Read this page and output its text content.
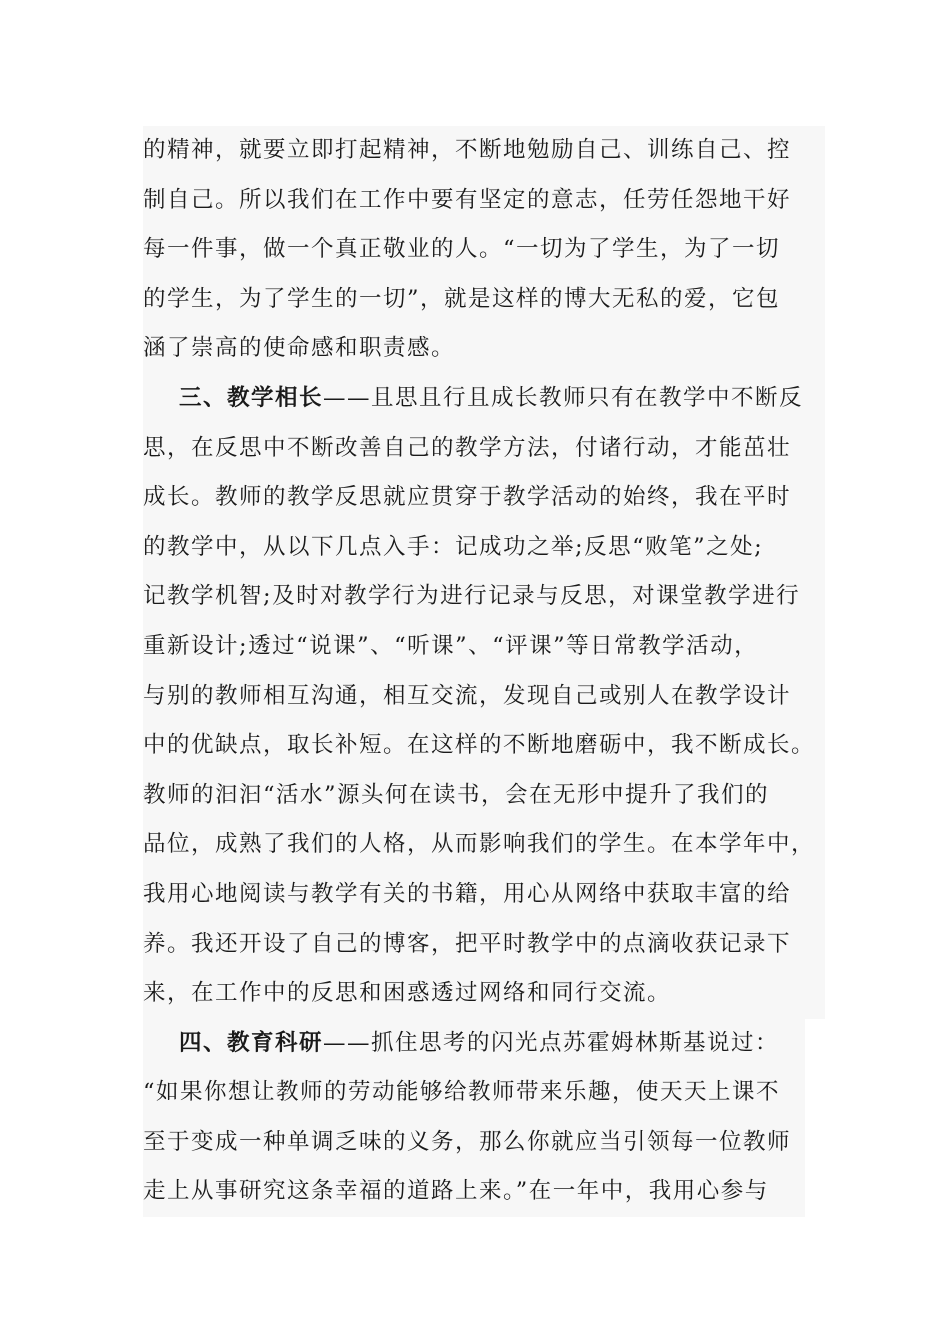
的精神，就要立即打起精神，不断地勉励自己、训练自己、控
制自己。所以我们在工作中要有坚定的意志，任劳任怨地干好
每一件事，做一个真正敬业的人。“一切为了学生，为了一切
的学生，为了学生的一切”，就是这样的博大无私的爱，它包
涵了崇高的使命感和职责感。
三、教学相长——且思且行且成长教师只有在教学中不断反
思，在反思中不断改善自己的教学方法，付诸行动，才能茁壮
成长。教师的教学反思就应贯穿于教学活动的始终，我在平时
的教学中，从以下几点入手：记成功之举;反思“败笔”之处;
记教学机智;及时对教学行为进行记录与反思，对课堂教学进行
重新设计;透过“说课”、“听课”、“评课”等日常教学活动，
与别的教师相互沟通，相互交流，发现自己或别人在教学设计
中的优缺点，取长补短。在这样的不断地磨砺中，我不断成长。
教师的汩汩“活水”源头何在读书，会在无形中提升了我们的
品位，成熟了我们的人格，从而影响我们的学生。在本学年中，
我用心地阅读与教学有关的书籍，用心从网络中获取丰富的给
养。我还开设了自己的博客，把平时教学中的点滴收获记录下
来，在工作中的反思和困惑透过网络和同行交流。
四、教育科研——抓住思考的闪光点苏霍姆林斯基说过：
“如果你想让教师的劳动能够给教师带来乐趣，使天天上课不
至于变成一种单调乏味的义务，那么你就应当引领每一位教师
走上从事研究这条幸福的道路上来。”在一年中，我用心参与
